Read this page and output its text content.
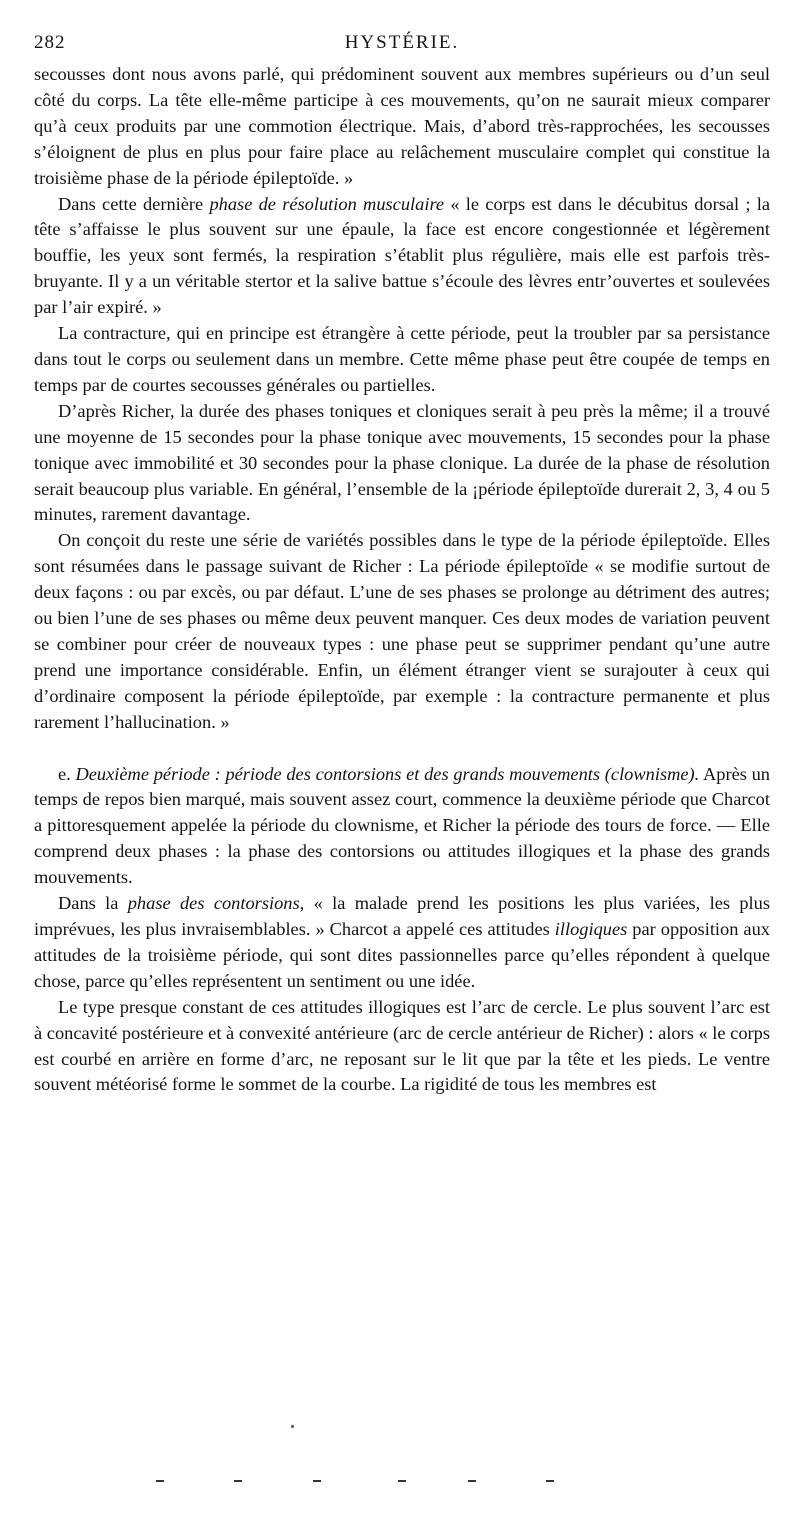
282	HYSTÉRIE.

secousses dont nous avons parlé, qui prédominent souvent aux membres supérieurs ou d’un seul côté du corps. La tête elle-même participe à ces mouvements, qu’on ne saurait mieux comparer qu’à ceux produits par une commotion électrique. Mais, d’abord très-rapprochées, les secousses s’éloignent de plus en plus pour faire place au relâchement musculaire complet qui constitue la troisième phase de la période épileptoïde. »

Dans cette dernière phase de résolution musculaire « le corps est dans le décubitus dorsal ; la tête s’affaisse le plus souvent sur une épaule, la face est encore congestionnée et légèrement bouffie, les yeux sont fermés, la respiration s’établit plus régulière, mais elle est parfois très-bruyante. Il y a un véritable stertor et la salive battue s’écoule des lèvres entr’ouvertes et soulevées par l’air expiré. »

La contracture, qui en principe est étrangère à cette période, peut la troubler par sa persistance dans tout le corps ou seulement dans un membre. Cette même phase peut être coupée de temps en temps par de courtes secousses générales ou partielles.

D’après Richer, la durée des phases toniques et cloniques serait à peu près la même; il a trouvé une moyenne de 15 secondes pour la phase tonique avec mouvements, 15 secondes pour la phase tonique avec immobilité et 30 secondes pour la phase clonique. La durée de la phase de résolution serait beaucoup plus variable. En général, l’ensemble de la ¡période épileptoïde durerait 2, 3, 4 ou 5 minutes, rarement davantage.

On conçoit du reste une série de variétés possibles dans le type de la période épileptoïde. Elles sont résumées dans le passage suivant de Richer : La période épileptoïde « se modifie surtout de deux façons : ou par excès, ou par défaut. L’une de ses phases se prolonge au détriment des autres; ou bien l’une de ses phases ou même deux peuvent manquer. Ces deux modes de variation peuvent se combiner pour créer de nouveaux types : une phase peut se supprimer pendant qu’une autre prend une importance considérable. Enfin, un élément étranger vient se surajouter à ceux qui d’ordinaire composent la période épileptoïde, par exemple : la contracture permanente et plus rarement l’hallucination. »

e. Deuxième période : période des contorsions et des grands mouvements (clownisme). Après un temps de repos bien marqué, mais souvent assez court, commence la deuxième période que Charcot a pittoresquement appelée la période du clownisme, et Richer la période des tours de force. — Elle comprend deux phases : la phase des contorsions ou attitudes illogiques et la phase des grands mouvements.

Dans la phase des contorsions, « la malade prend les positions les plus variées, les plus imprévues, les plus invraisemblables. » Charcot a appelé ces attitudes illogiques par opposition aux attitudes de la troisième période, qui sont dites passionnelles parce qu’elles répondent à quelque chose, parce qu’elles représentent un sentiment ou une idée.

Le type presque constant de ces attitudes illogiques est l’arc de cercle. Le plus souvent l’arc est à concavité postérieure et à convexité antérieure (arc de cercle antérieur de Richer) : alors « le corps est courbé en arrière en forme d’arc, ne reposant sur le lit que par la tête et les pieds. Le ventre souvent météorisé forme le sommet de la courbe. La rigidité de tous les membres est
